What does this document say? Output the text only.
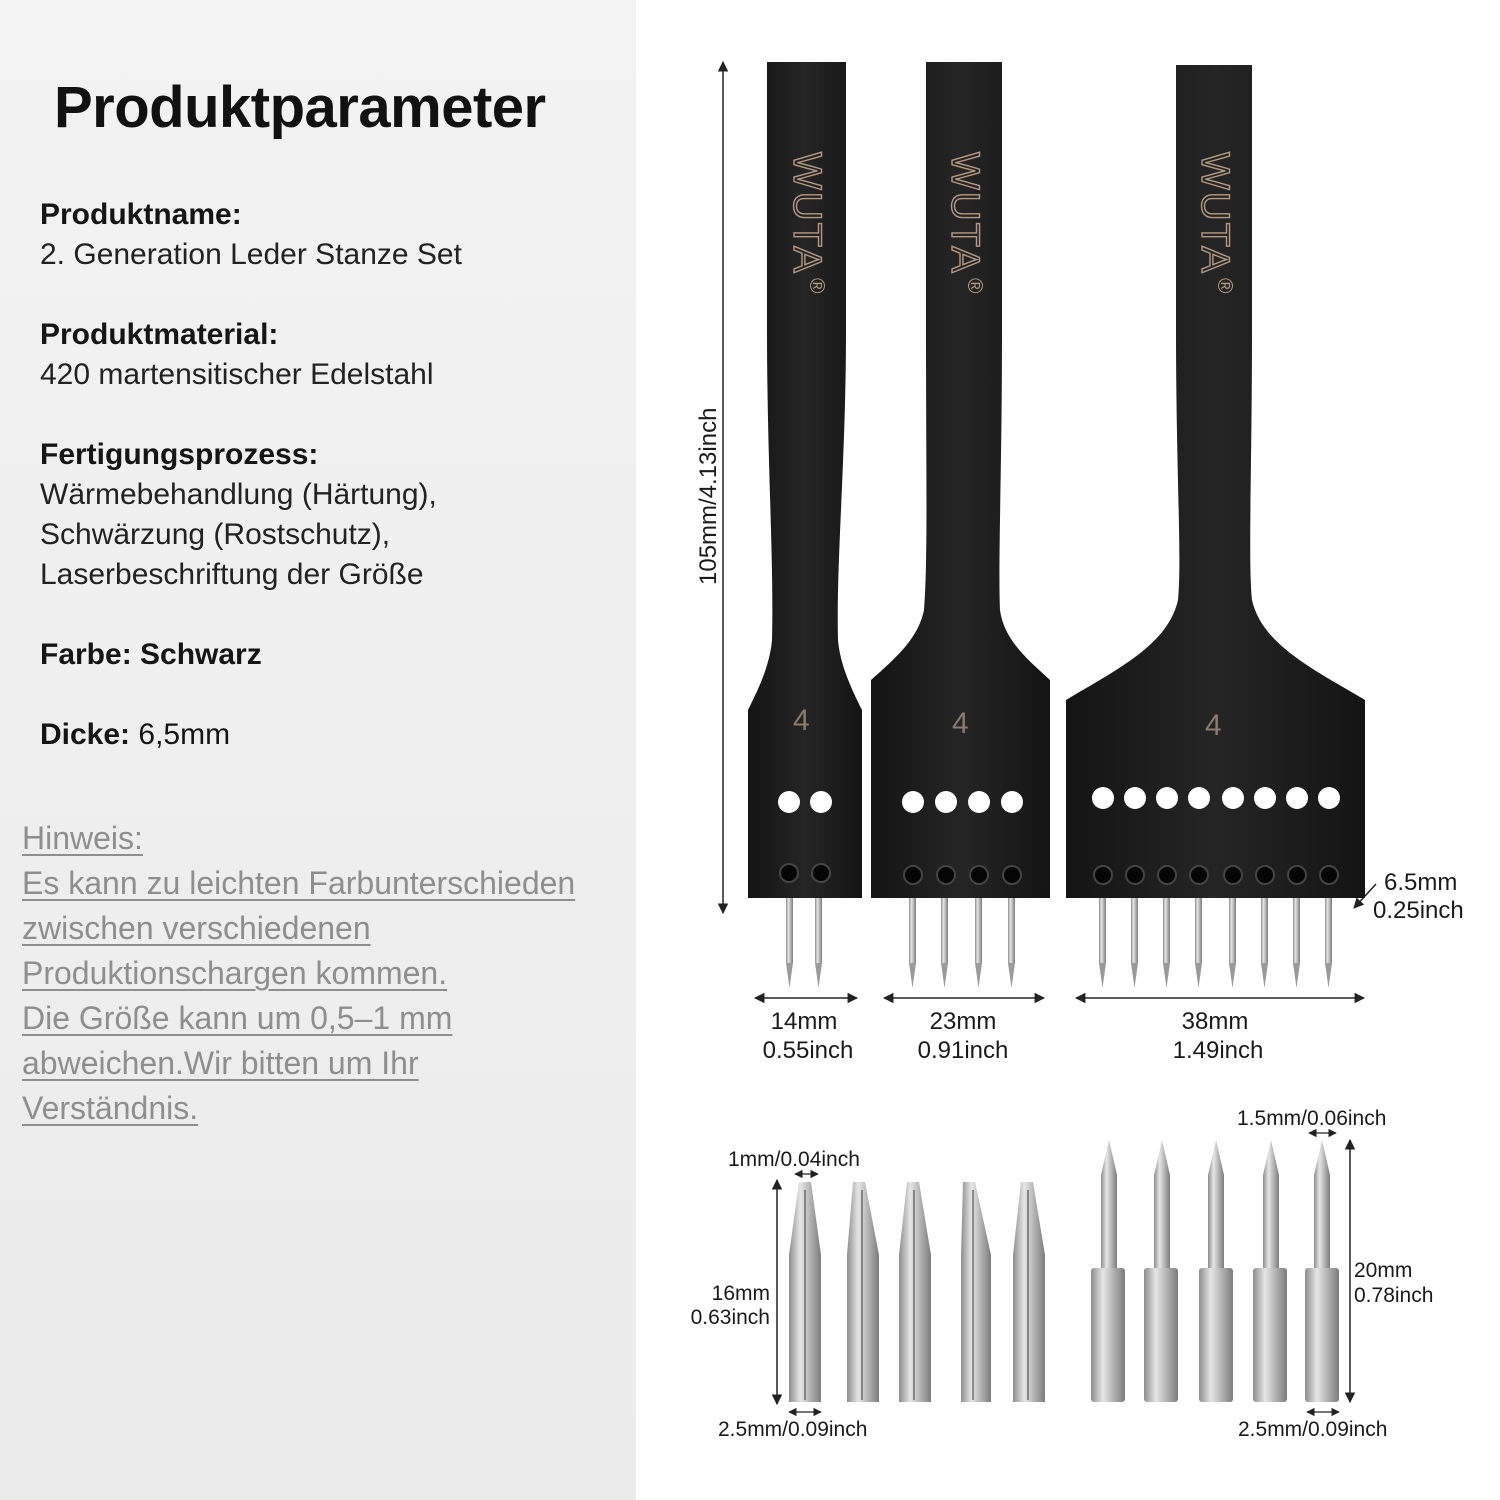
Produktparameter
Produktname:
2. Generation Leder Stanze Set
Produktmaterial:
420 martensitischer Edelstahl
Fertigungsprozess:
Wärmebehandlung (Härtung),
Schwärzung (Rostschutz),
Laserbeschriftung der Größe
Farbe: Schwarz
Dicke: 6,5mm
Hinweis:
Es kann zu leichten Farbunterschieden
zwischen verschiedenen
Produktionschargen kommen.
Die Größe kann um 0,5–1 mm
abweichen.Wir bitten um Ihr
Verständnis.
105mm/4.13inch
WUTA
®
4
14mm
0.55inch
WUTA
®
4
23mm
0.91inch
WUTA
®
4
38mm
1.49inch
6.5mm
0.25inch
1mm/0.04inch
16mm
0.63inch
2.5mm/0.09inch
1.5mm/0.06inch
20mm
0.78inch
2.5mm/0.09inch
